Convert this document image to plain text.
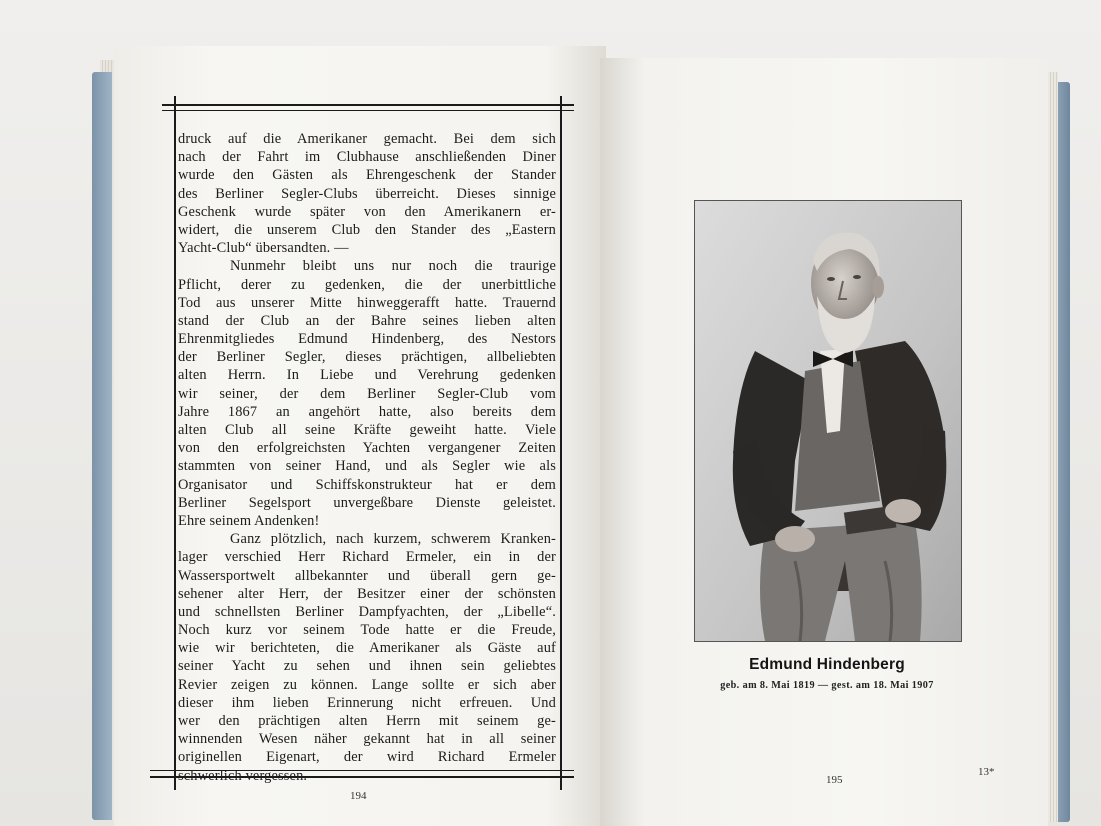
druck auf die Amerikaner gemacht. Bei dem sich
nach der Fahrt im Clubhause anschließenden Diner
wurde den Gästen als Ehrengeschenk der Stander
des Berliner Segler-Clubs überreicht. Dieses sinnige
Geschenk wurde später von den Amerikanern er-
widert, die unserem Club den Stander des „Eastern
Yacht-Club“ übersandten. —
Nunmehr bleibt uns nur noch die traurige
Pflicht, derer zu gedenken, die der unerbittliche
Tod aus unserer Mitte hinweggerafft hatte. Trauernd
stand der Club an der Bahre seines lieben alten
Ehrenmitgliedes Edmund Hindenberg, des Nestors
der Berliner Segler, dieses prächtigen, allbeliebten
alten Herrn. In Liebe und Verehrung gedenken
wir seiner, der dem Berliner Segler-Club vom
Jahre 1867 an angehört hatte, also bereits dem
alten Club all seine Kräfte geweiht hatte. Viele
von den erfolgreichsten Yachten vergangener Zeiten
stammten von seiner Hand, und als Segler wie als
Organisator und Schiffskonstrukteur hat er dem
Berliner Segelsport unvergeßbare Dienste geleistet.
Ehre seinem Andenken!
Ganz plötzlich, nach kurzem, schwerem Kranken-
lager verschied Herr Richard Ermeler, ein in der
Wassersportwelt allbekannter und überall gern ge-
sehener alter Herr, der Besitzer einer der schönsten
und schnellsten Berliner Dampfyachten, der „Libelle“.
Noch kurz vor seinem Tode hatte er die Freude,
wie wir berichteten, die Amerikaner als Gäste auf
seiner Yacht zu sehen und ihnen sein geliebtes
Revier zeigen zu können. Lange sollte er sich aber
dieser ihm lieben Erinnerung nicht erfreuen. Und
wer den prächtigen alten Herrn mit seinem ge-
winnenden Wesen näher gekannt hat in all seiner
originellen Eigenart, der wird Richard Ermeler
schwerlich vergessen.
194
Edmund Hindenberg
geb. am 8. Mai 1819 — gest. am 18. Mai 1907
195
13*
